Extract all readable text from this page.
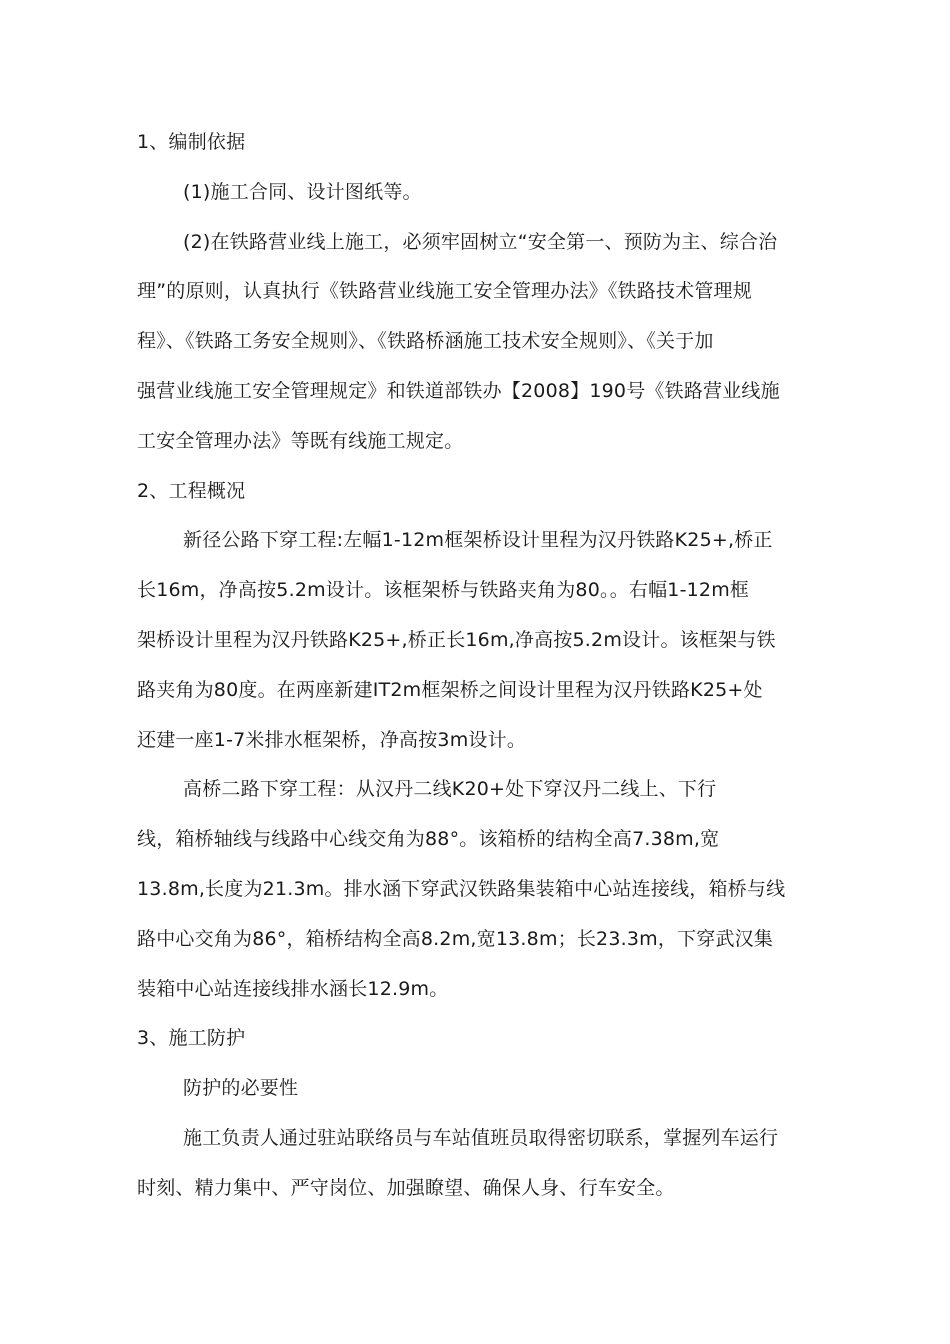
1、编制依据

(1)施工合同、设计图纸等。

(2)在铁路营业线上施工，必须牢固树立“安全第一、预防为主、综合治

理”的原则，认真执行《铁路营业线施工安全管理办法》《铁路技术管理规

程》、《铁路工务安全规则》、《铁路桥涵施工技术安全规则》、《关于加

强营业线施工安全管理规定》和铁道部铁办【2008】190号《铁路营业线施

工安全管理办法》等既有线施工规定。

2、工程概况

新径公路下穿工程:左幅1-12m框架桥设计里程为汉丹铁路K25+,桥正

长16m，净高按5.2m设计。该框架桥与铁路夹角为80。。右幅1-12m框

架桥设计里程为汉丹铁路K25+,桥正长16m,净高按5.2m设计。该框架与铁

路夹角为80度。在两座新建IT2m框架桥之间设计里程为汉丹铁路K25+处

还建一座1-7米排水框架桥，净高按3m设计。

高桥二路下穿工程：从汉丹二线K20+处下穿汉丹二线上、下行

线，箱桥轴线与线路中心线交角为88°。该箱桥的结构全高7.38m,宽

13.8m,长度为21.3m。排水涵下穿武汉铁路集装箱中心站连接线，箱桥与线

路中心交角为86°，箱桥结构全高8.2m,宽13.8m；长23.3m，下穿武汉集

装箱中心站连接线排水涵长12.9m。

3、施工防护

防护的必要性

施工负责人通过驻站联络员与车站值班员取得密切联系，掌握列车运行

时刻、精力集中、严守岗位、加强瞭望、确保人身、行车安全。
